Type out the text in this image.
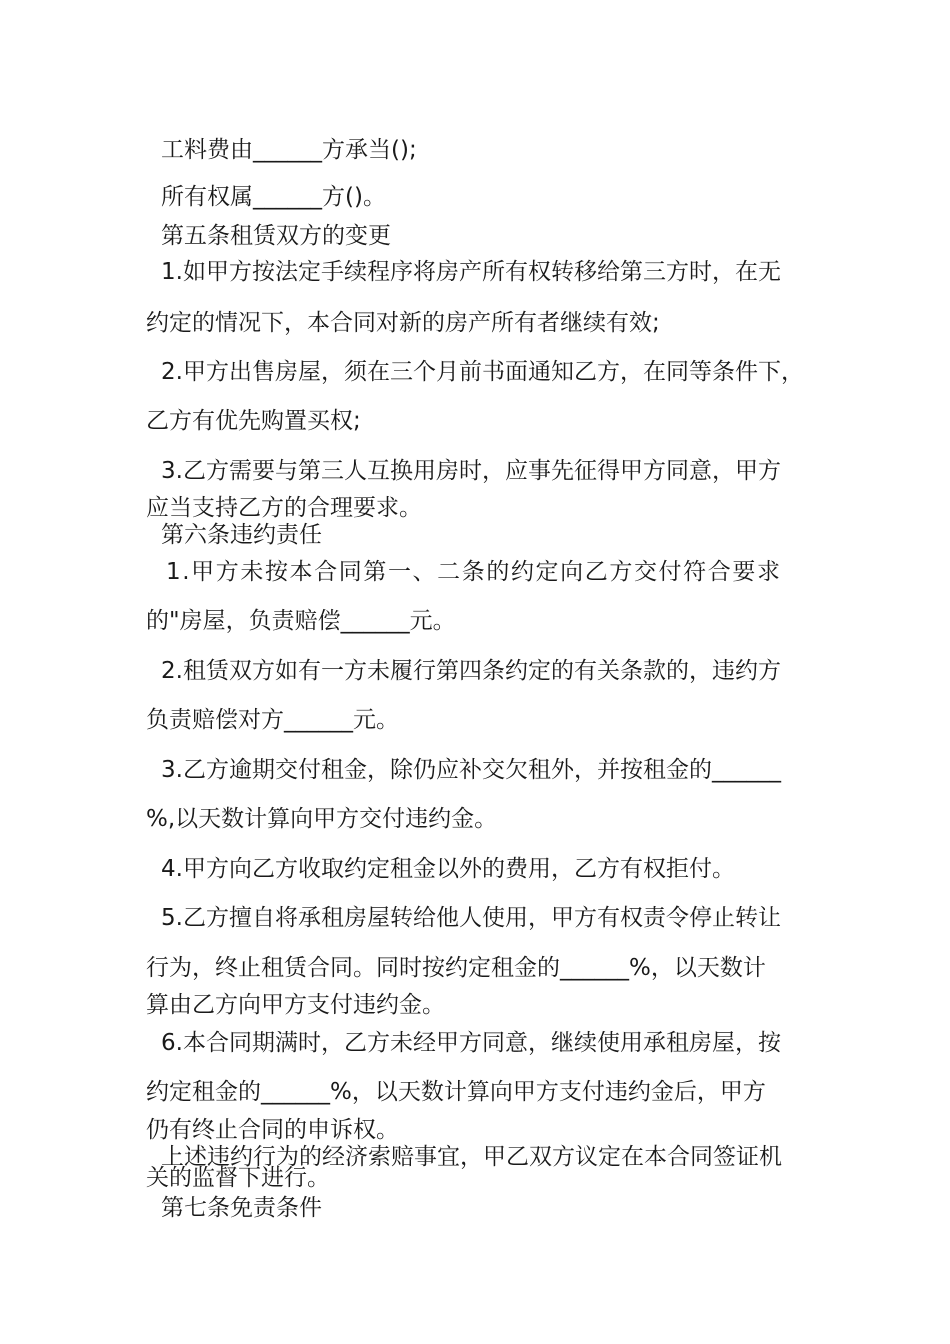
工料费由______方承当();

所有权属______方()。

第五条租赁双方的变更

1.如甲方按法定手续程序将房产所有权转移给第三方时，在无

约定的情况下，本合同对新的房产所有者继续有效;

2.甲方出售房屋，须在三个月前书面通知乙方，在同等条件下，

乙方有优先购置买权;

3.乙方需要与第三人互换用房时，应事先征得甲方同意，甲方

应当支持乙方的合理要求。

第六条违约责任

1.甲方未按本合同第一、二条的约定向乙方交付符合要求

的"房屋，负责赔偿______元。

2.租赁双方如有一方未履行第四条约定的有关条款的，违约方

负责赔偿对方______元。

3.乙方逾期交付租金，除仍应补交欠租外，并按租金的______

%,以天数计算向甲方交付违约金。

4.甲方向乙方收取约定租金以外的费用，乙方有权拒付。

5.乙方擅自将承租房屋转给他人使用，甲方有权责令停止转让

行为，终止租赁合同。同时按约定租金的______%，以天数计

算由乙方向甲方支付违约金。

6.本合同期满时，乙方未经甲方同意，继续使用承租房屋，按

约定租金的______%，以天数计算向甲方支付违约金后，甲方

仍有终止合同的申诉权。

上述违约行为的经济索赔事宜，甲乙双方议定在本合同签证机

关的监督下进行。

第七条免责条件
